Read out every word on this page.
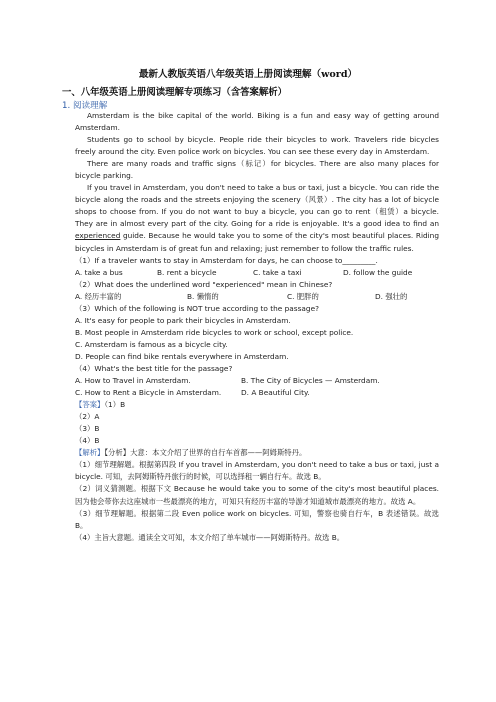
最新人教版英语八年级英语上册阅读理解（word）
一、八年级英语上册阅读理解专项练习（含答案解析）
1. 阅读理解

Amsterdam is the bike capital of the world. Biking is a fun and easy way of getting around Amsterdam.

Students go to school by bicycle. People ride their bicycles to work. Travelers ride bicycles freely around the city. Even police work on bicycles. You can see these every day in Amsterdam.

There are many roads and traffic signs（标记）for bicycles. There are also many places for bicycle parking.

If you travel in Amsterdam, you don't need to take a bus or taxi, just a bicycle. You can ride the bicycle along the roads and the streets enjoying the scenery（风景）. The city has a lot of bicycle shops to choose from. If you do not want to buy a bicycle, you can go to rent（租赁）a bicycle. They are in almost every part of the city. Going for a ride is enjoyable. It's a good idea to find an experienced guide. Because he would take you to some of the city's most beautiful places. Riding bicycles in Amsterdam is of great fun and relaxing; just remember to follow the traffic rules.

（1）If a traveler wants to stay in Amsterdam for days, he can choose to_________.

A. take a bus	B. rent a bicycle	C. take a taxi	D. follow the guide

（2）What does the underlined word "experienced" mean in Chinese?

A. 经历丰富的	B. 懒惰的	C. 肥胖的	D. 强壮的

（3）Which of the following is NOT true according to the passage?

A. It's easy for people to park their bicycles in Amsterdam.

B. Most people in Amsterdam ride bicycles to work or school, except police.

C. Amsterdam is famous as a bicycle city.

D. People can find bike rentals everywhere in Amsterdam.

（4）What's the best title for the passage?

A. How to Travel in Amsterdam.	B. The City of Bicycles — Amsterdam.
C. How to Rent a Bicycle in Amsterdam.	D. A Beautiful City.

【答案】（1）B

（2）A

（3）B

（4）B

【解析】【分析】大意：本文介绍了世界的自行车首都——阿姆斯特丹。

（1）细节理解题。根据第四段 If you travel in Amsterdam, you don't need to take a bus or taxi, just a bicycle. 可知，去阿姆斯特丹旅行的时候，可以选择租一辆自行车。故选 B。

（2）词义猜测题。根据下文 Because he would take you to some of the city's most beautiful places. 因为他会带你去这座城市一些最漂亮的地方，可知只有经历丰富的导游才知道城市最漂亮的地方。故选 A。

（3）细节理解题。根据第二段 Even police work on bicycles. 可知，警察也骑自行车，B 表述错误。故选 B。

（4）主旨大意题。通读全文可知，本文介绍了单车城市——阿姆斯特丹。故选 B。
